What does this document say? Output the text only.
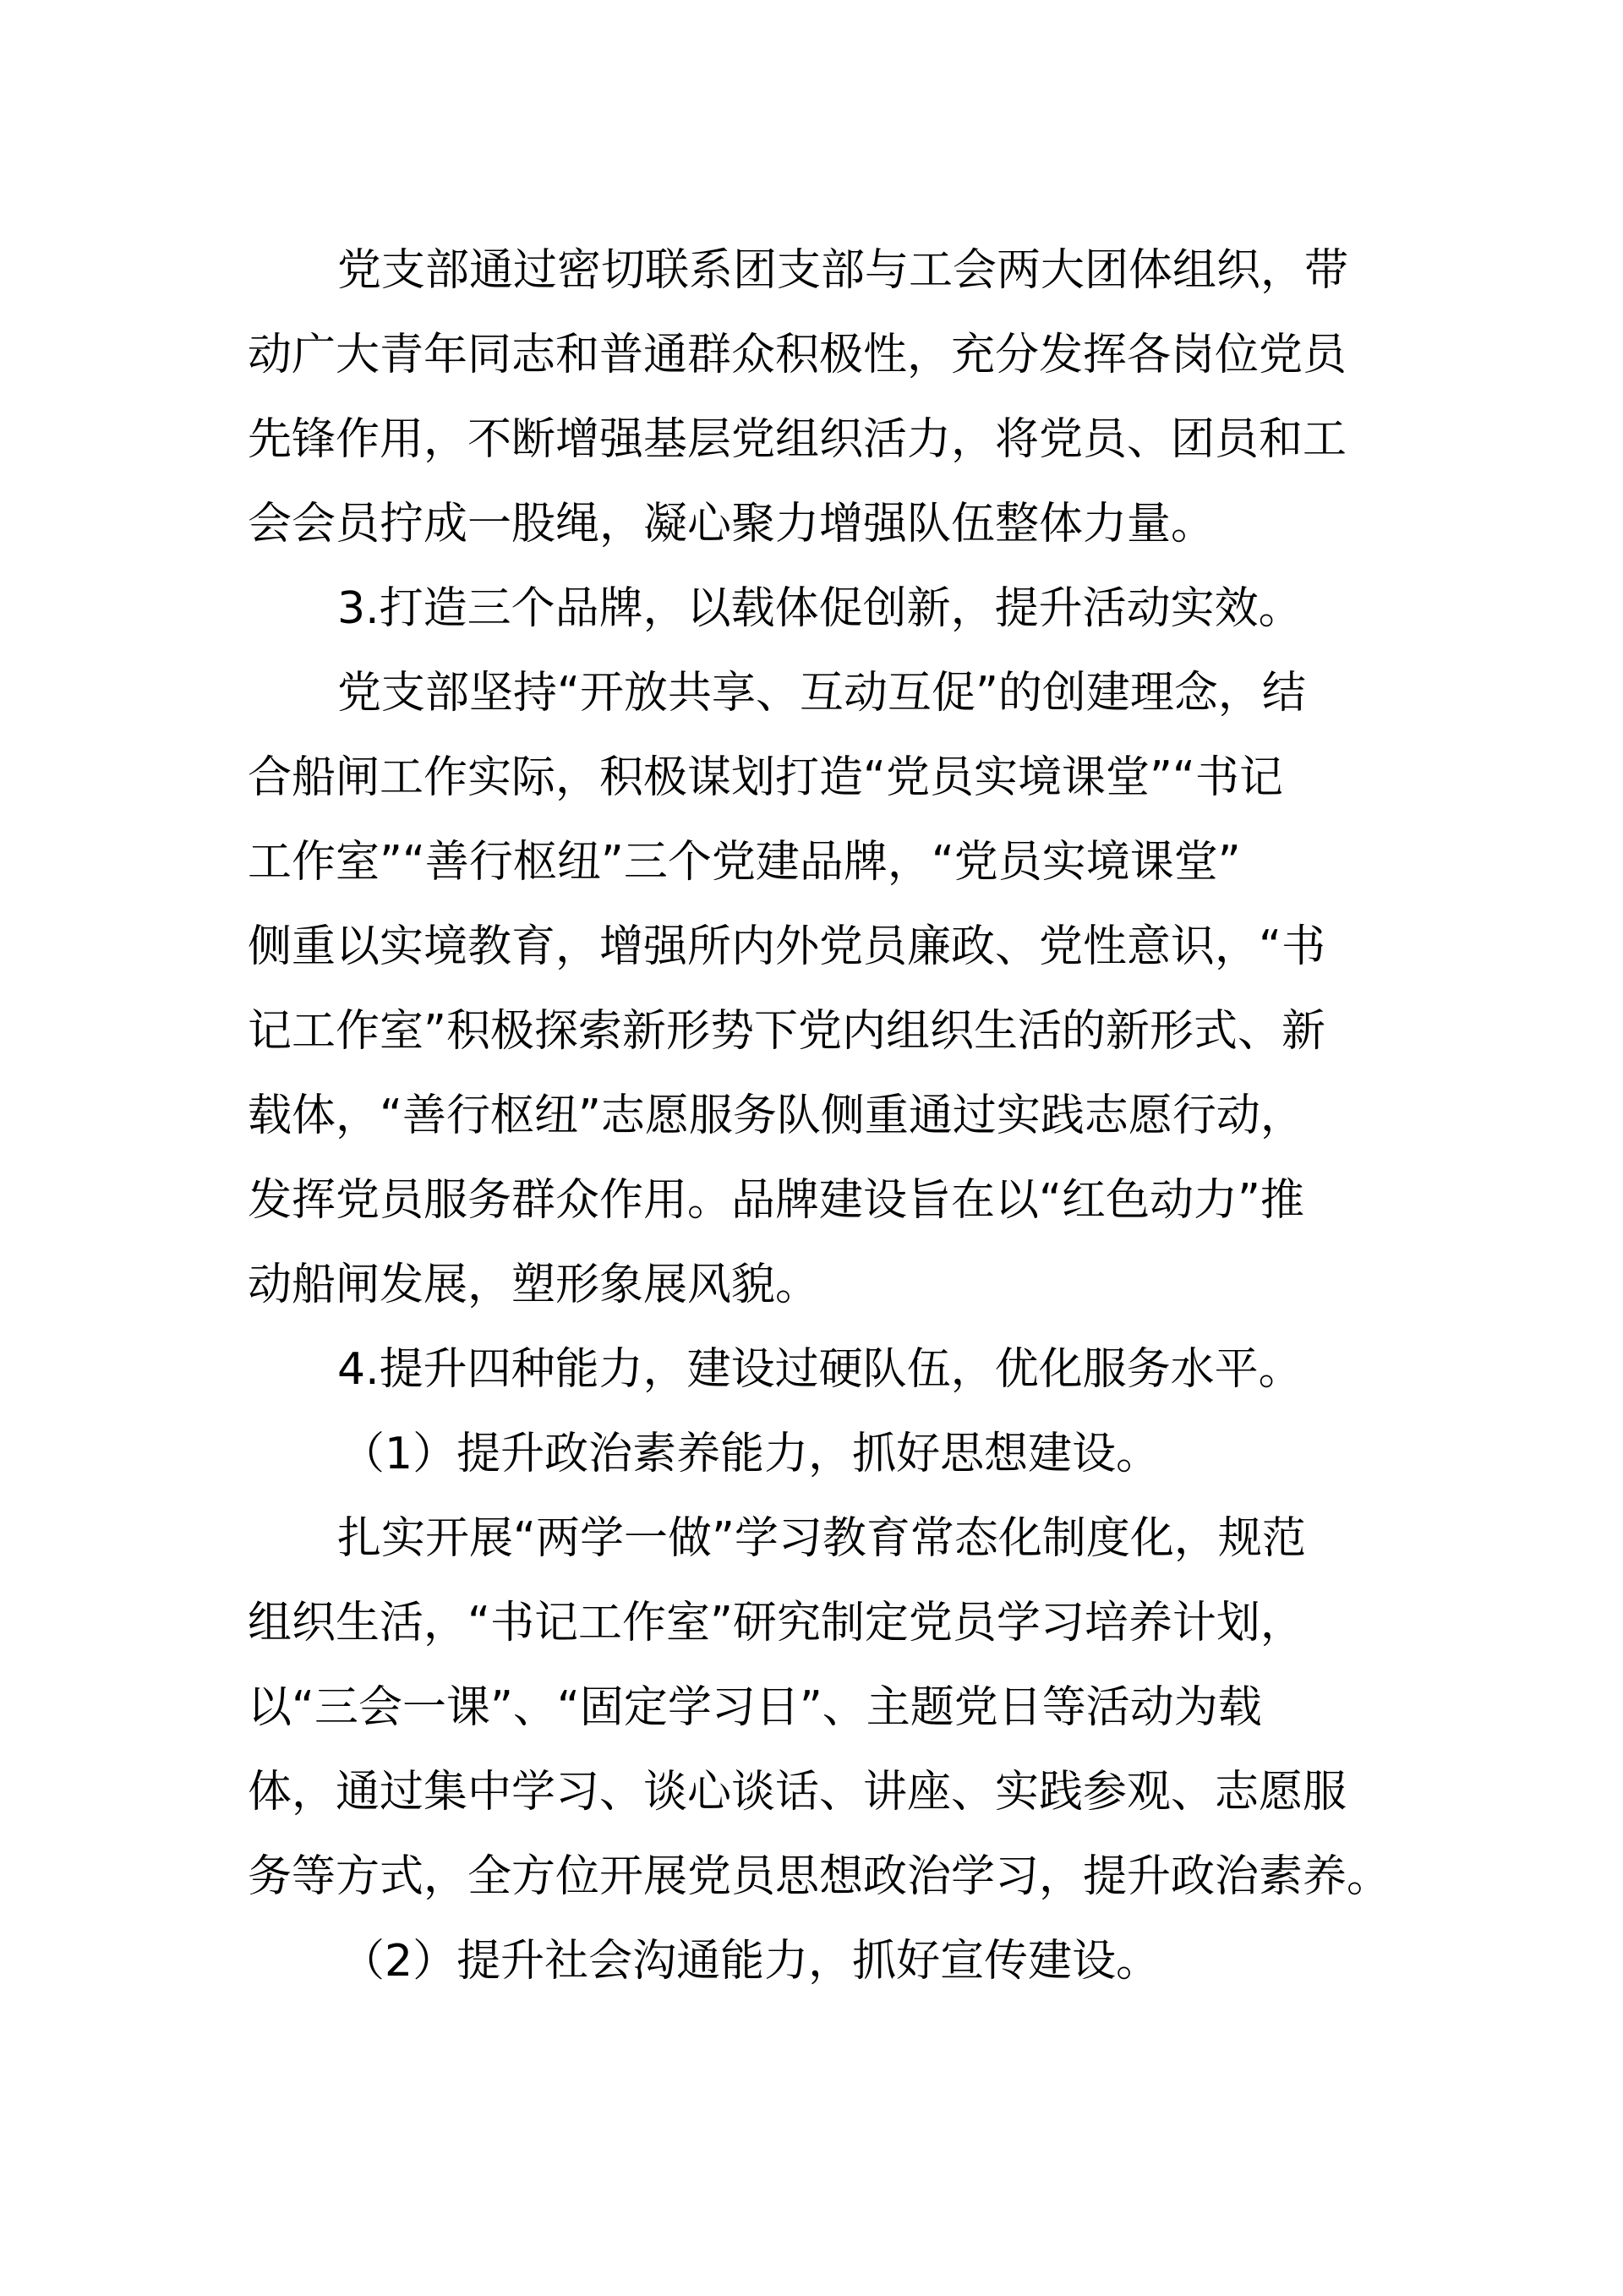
党支部通过密切联系团支部与工会两大团体组织，带
动广大青年同志和普通群众积极性，充分发挥各岗位党员
先锋作用，不断增强基层党组织活力，将党员、团员和工
会会员拧成一股绳，凝心聚力增强队伍整体力量。
3.打造三个品牌，以载体促创新，提升活动实效。
党支部坚持“开放共享、互动互促”的创建理念，结
合船闸工作实际，积极谋划打造“党员实境课堂”“书记
工作室”“善行枢纽”三个党建品牌，“党员实境课堂”
侧重以实境教育，增强所内外党员廉政、党性意识，“书
记工作室”积极探索新形势下党内组织生活的新形式、新
载体，“善行枢纽”志愿服务队侧重通过实践志愿行动，
发挥党员服务群众作用。品牌建设旨在以“红色动力”推
动船闸发展，塑形象展风貌。
4.提升四种能力，建设过硬队伍，优化服务水平。
（1）提升政治素养能力，抓好思想建设。
扎实开展“两学一做”学习教育常态化制度化，规范
组织生活，“书记工作室”研究制定党员学习培养计划，
以“三会一课”、“固定学习日”、主题党日等活动为载
体，通过集中学习、谈心谈话、讲座、实践参观、志愿服
务等方式，全方位开展党员思想政治学习，提升政治素养。
（2）提升社会沟通能力，抓好宣传建设。
